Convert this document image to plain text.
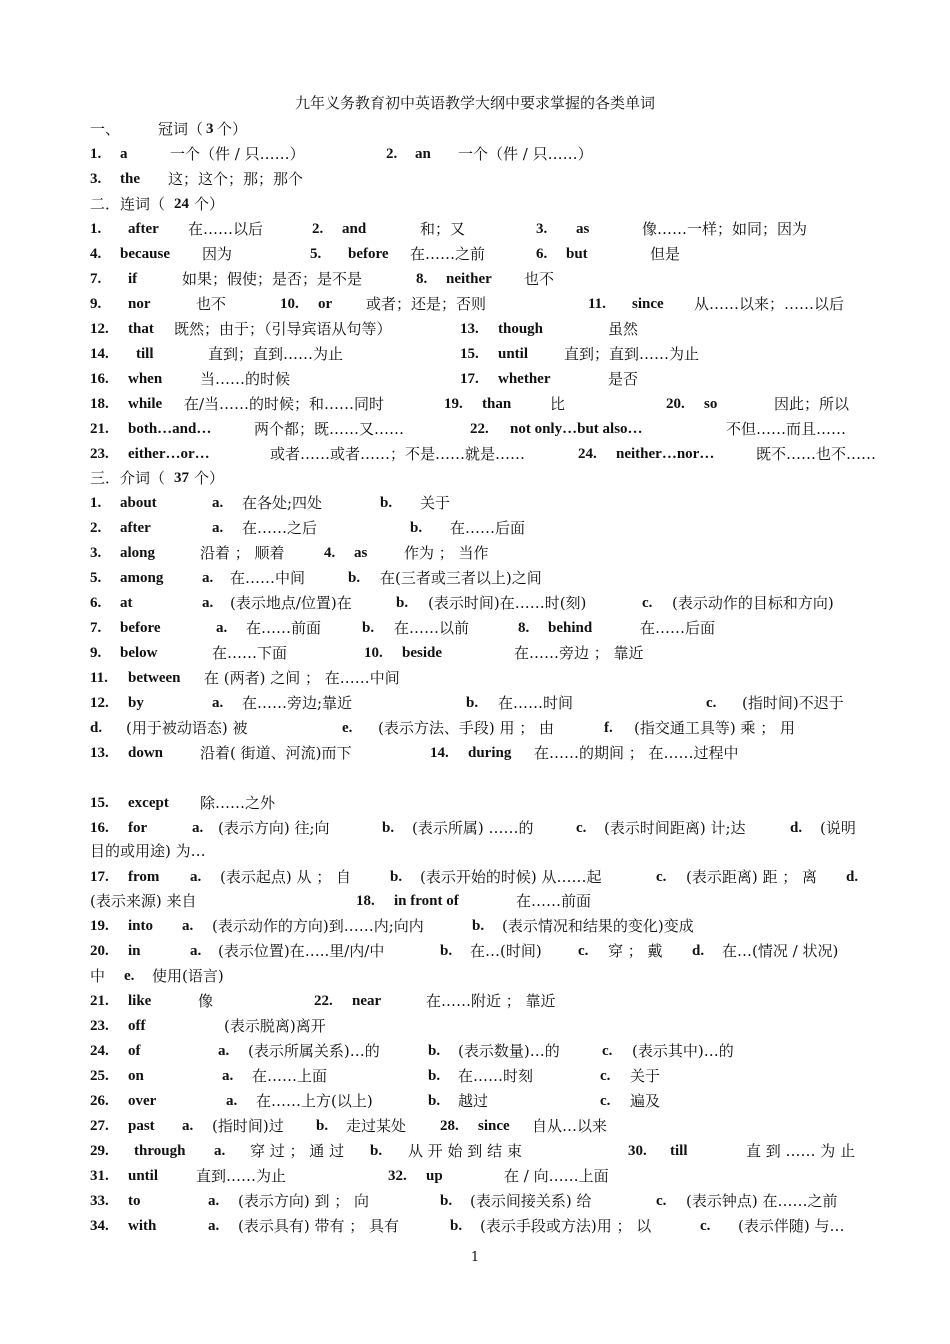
九年义务教育初中英语教学大纲中要求掌握的各类单词
一、	冠词（ 3 个）
1. a	一个（件 / 只……）	2. an 一个（件 / 只……）
3. the 这；这个；那；那个
二．连词（ 24 个）
1. after 在……以后	2. and	和；又	3. as	像……一样；如同；因为
4. because 因为	5. before 在……之前	6. but	但是
7. if	如果；假使；是否；是不是	8. neither 也不
9. nor	也不	10. or 或者；还是；否则	11. since 从……以来；……以后
12. that 既然；由于；（引导宾语从句等）	13. though	虽然
14. till	直到；直到……为止	15. until 直到；直到……为止
16. when	当……的时候	17. whether	是否
18. while 在/当……的时候；和……同时	19. than	比	20. so	因此；所以
21. both…and…	两个都；既……又……	22. not only…but also…	不但……而且……
23. either…or…	或者……或者……；不是……就是……	24. neither…nor…	既不……也不……
三．介词（ 37 个）
1. about	a. 在各处;四处	b. 关于
2. after	a. 在……之后	b. 在……后面
3. along	沿着 ； 顺着	4. as 作为 ； 当作
5. among	a. 在……中间	b. 在(三者或三者以上)之间
6. at	a. (表示地点/位置)在	b. (表示时间)在……时(刻)	c. (表示动作的目标和方向)
7. before	a. 在……前面	b. 在……以前	8. behind	在……后面
9. below	在……下面	10. beside	在……旁边 ； 靠近
11. between 在 (两者) 之间 ； 在……中间
12. by	a. 在……旁边;靠近	b. 在……时间	c. (指时间)不迟于
d. (用于被动语态) 被	e. (表示方法、手段) 用 ； 由	f. (指交通工具等) 乘 ； 用
13. down 沿着( 街道、河流)而下	14. during 在……的期间 ； 在……过程中
15. except 除……之外
16. for	a. (表示方向) 往;向	b. (表示所属) ……的	c. (表示时间距离) 计;达	d. (说明
目的或用途) 为…
17. from a. (表示起点) 从 ； 自	b. (表示开始的时候) 从……起	c. (表示距离) 距 ； 离 d.
(表示来源) 来自	18. in front of	在……前面
19. into a. (表示动作的方向)到……内;向内	b. (表示情况和结果的变化)变成
20. in	a. (表示位置)在…..里/内/中	b. 在…(时间) c. 穿 ； 戴 d. 在…(情况 / 状况)
中 e. 使用(语言)
21. like	像	22. near	在……附近 ； 靠近
23. off	(表示脱离)离开
24. of	a. (表示所属关系)…的	b. (表示数量)…的	c. (表示其中)…的
25. on	a. 在……上面	b. 在……时刻	c. 关于
26. over	a. 在……上方(以上)	b. 越过	c. 遍及
27. past a. (指时间)过 b. 走过某处 28. since 自从…以来
29. through a. 穿 过 ； 通 过 b. 从 开 始 到 结 束	30. till	直 到 …… 为 止
31. until	直到……为止	32. up	在 / 向……上面
33. to	a. (表示方向) 到 ； 向	b. (表示间接关系) 给	c. (表示钟点) 在……之前
34. with	a. (表示具有) 带有 ； 具有	b. (表示手段或方法)用 ； 以	c. (表示伴随) 与…
1
